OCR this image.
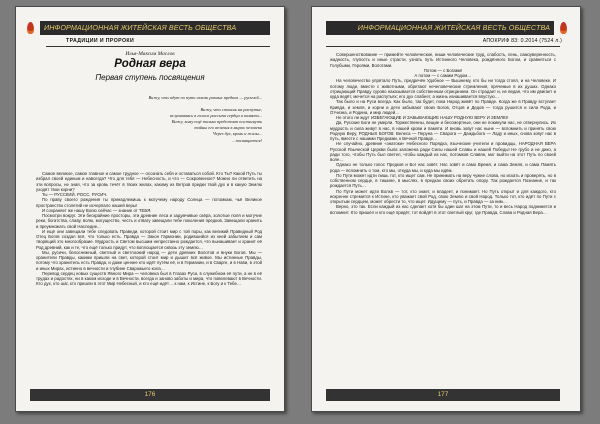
ИНФОРМАЦИОННАЯ ЖИТЕЙСКАЯ ВЕСТЬ ОБЩЕСТВА
ТРАДИЦИИ И ПРОРОКИ
Илья-Максим Маслов
Родная вера
Первая ступень посвящения
Вижу, что идут по пути сквозь разных предков — русичей...
Вижу, что стоишь на распутье,
вслушиваясь в голоса рассыпа сердца и памяти...
Вижу, кому ещё только предстоит постигнуть
тайны его величия в мирах человека
Через дух, кровь и жилы...
...посвящается!

Самое великое, самое главное и самое трудное — осознать себя и оставаться собой. Кто Ты? Какой Путь ты избрал своей единым и навсегда? Что для тебя — Небесность, и что — Сокровенное? Можно ли ответить на эти вопросы, не зная, что за кровь течёт в твоих жилах, какому из Ветров предки твой дух и в какую Землю уходят твои корни?

Ты — РУССКИЙ. РОСС. РУСИЧ.

По праву своего рождения ты принадлежишь к могучему народу Солнца — потомкам, чьё Великое пространство столетий не исчерпало нашей веры!

И сохраняет же нашу Волю сейчас — знание от ТЕБЯ.

Посмотри вокруг. Эти бескрайние просторы, эти древние леса и задумчивые озёра, золотые поля и могучие реки, богатства, славу, волю, могущество, честь и отвагу завещали тебе поколения предков. Завещали хранить и преумножать свой Наследие...

И ещё они завещали тебе следовать Праведи, которой стоит мир с той поры, как великий Праведный Род Отец Богов создал всё, что только есть. Правда — Закон Гармонии, родившийся из кней забытием и сам творящий это многообразие. Мудрость и Светом высшим непрестанно рождается, что вынашивает и хранит её Род древний, как и те, что ещё только придут, что воплощается сквозь эту землю…

Мы, русичи, белоснежный, светлый и светлоокий народ — дети древних Волотов и внуки Богов. Мы — хранители Правды, какими пришли на свет, которой стоит мир и дышит всё живое. Мы истинные Правды, потому что хранитель есть Правда, и даже ценнее кто идёт путём её, и в Германии, и в Сварге, и в Нави, в этой и иных Мирах, истинно в вечности и глубине Сварожьего кола…

Перевод сердец новых существ Явного Мира — человека был в Глазах Руси, в служебном её пути, а не в её трудах и радостях, ни в каком исходе и в Вечности, всегда и заново заботы и мира, что повелевают в Вечности. Кто дух, кто шаг, кто пришли в этот Мир Небесный, и кто ещё идёт… к нам, к Истине, к Богу и к Тебе…

176
ИНФОРМАЦИОННАЯ ЖИТЕЙСКАЯ ВЕСТЬ ОБЩЕСТВА
АПОКРИФ 83: 0.2014 (7524 л.)

Совершенствование — примейте человеческие, ниши человеческие труд, слабость, лень, самоуверенность, жадность, глупость и иные страсти, узнать путь Истинного Человека, рождённого Богом, и сравняться с Голубыми, Героями, Волотами.

Потом — с Богами!

А потом — с самим Родом…

На человечество упрятало Путь, предречён Удобное — Вышнему, кто бы ни тогда стоял, и на Человеке. И потому люди, вместе с животными, обретают нечеловеческие стремления, прячемые в их душах. Однако отрицающий Правду сурово наказывается собственным отрицанием. Он страдает и, не ведая, что им двигает и куда ведёт, мечется на распутьях; его дух слабеет, а жизнь изнашивается впустую…

Так было и на Руси всегда. Как было, так будет, пока Народ живёт по Правде. Когда же в Правду вступает Кривда, и земля, и корни и дети забывают своих Богов, Отцов и Дедов — тогда рушится и сила Рода, и Отчизна, и Родина, и мир людей…

Не этого ли ждут ИЗБЕГАЮЩИЕ И ЗАБЫВАЮЩИЕ НАШУ РОДНУЮ ВЕРУ И ЗЕМЛЮ!

Да, Русские Боги не умерли. Торжественны, вещие и бессмертные, они не покинули нас, не отвернулись. Их мудрость и сила живут в нас, в нашей крови и памяти. И вновь зовут нас ныне — вспомнить и принять свою Родную Веру, РОДНЫХ БОГОВ: Велеса — Перуна — Сварога — Даждьбога — Ладу и иных, снова зовут нас в путь, вместе с нашими Предками, к Вечной Правде…

Не случайно, древние «знатоки» Небесного Порядка, языческие учители и провидцы, НАРОДНАЯ ВЕРА Русской Языческой Церкви была заложена ради Силы нашей Славы и нашей Победы! Не грубо и не дико, а ради того, чтобы Путь был светел, чтобы каждый из нас, потомков Славян, мог выйти на этот Путь по своей воле…

Однако не только голос Предков и Бог нас зовёт. Нас зовёт и само Время, и сама Земля, и сама Память рода — вспомнить о том, кто мы, откуда мы, и куда мы идём.

По Пути может идти лишь тот, кто ищет сам. Не принимать на веру чужие слова, но искать и проверять, но в собственном сердце, в тишине, в мыслях, в предках своих обретать опору. Так рождается Познание, и так рождается Путь…

По Пути может идти Волхв — тот, кто знает, и владеет, и понимает. Но Путь открыт и для каждого, кто искренне стремится к Истине, кто уважает свой Род, свою Землю и свой Народ. Только тот, кто идёт по Пути с открытым сердцем, может обрести то, что ищет. Идущему — путь, и Правда — за ним…

Верно, это так. Если каждый из нас сделает хотя бы один шаг на этом Пути, то и весь Народ поднимется и вспомнит. Кто пришёл и кто ещё придёт, тот войдёт в этот светлый круг, где Правда, Слава и Родная Вера…

177
